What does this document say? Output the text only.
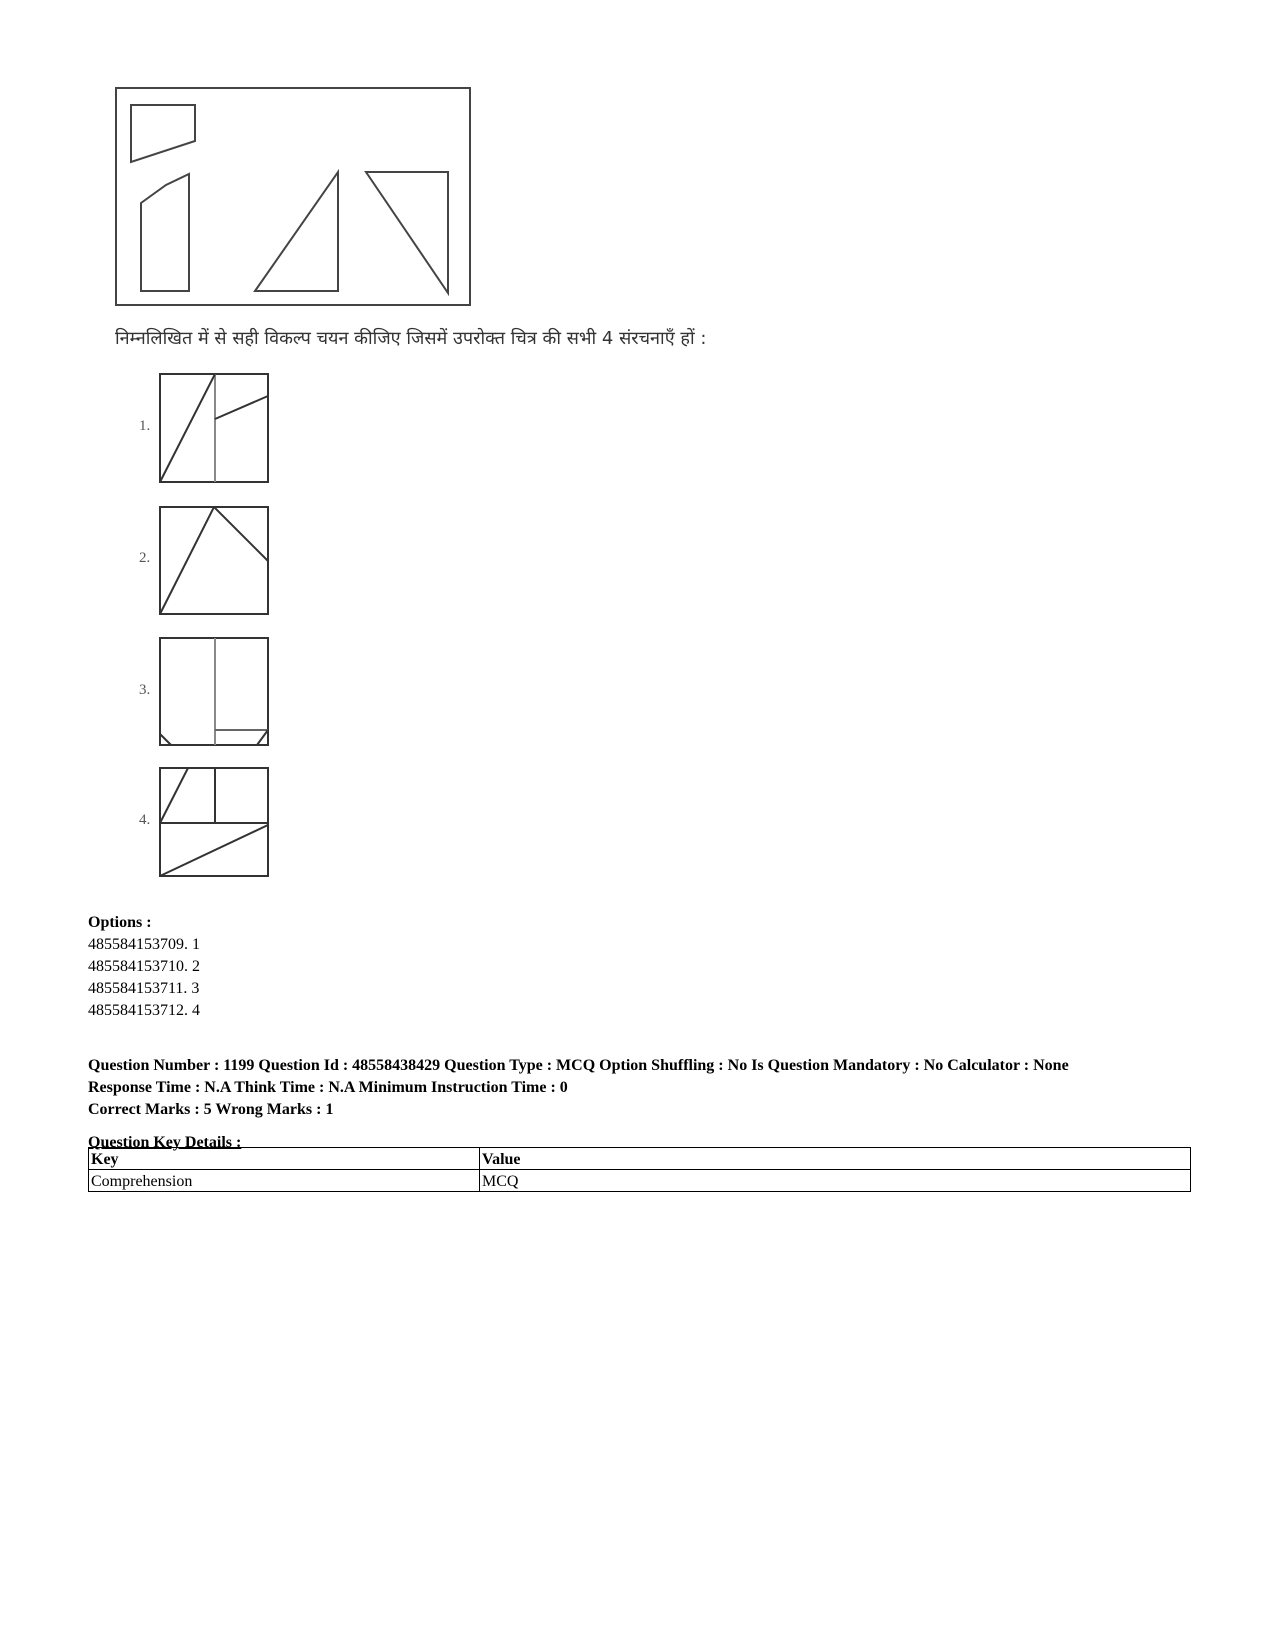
निम्नलिखित में से सही विकल्प चयन कीजिए जिसमें उपरोक्त चित्र की सभी 4 संरचनाएँ हों :
1.
2.
3.
4.
Options :
485584153709. 1
485584153710. 2
485584153711. 3
485584153712. 4
Question Number : 1199 Question Id : 48558438429 Question Type : MCQ Option Shuffling : No Is Question Mandatory : No Calculator : None
Response Time : N.A Think Time : N.A Minimum Instruction Time : 0
Correct Marks : 5 Wrong Marks : 1
Question Key Details :
Key	Value
Comprehension	MCQ
